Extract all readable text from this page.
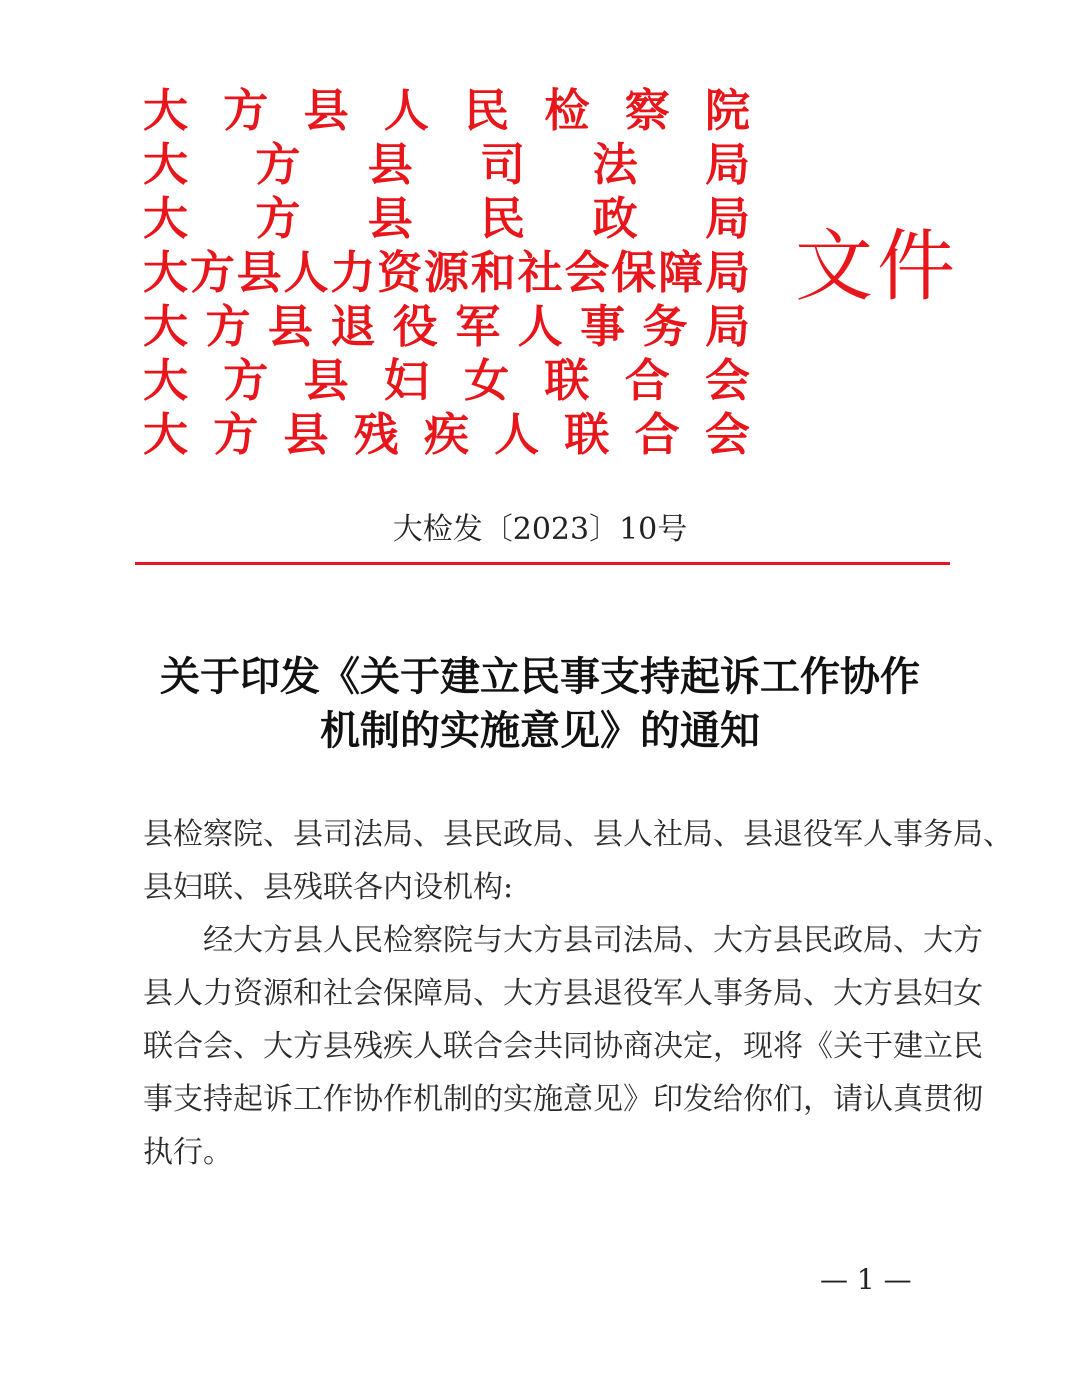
大 方 县 人 民 检 察 院
大 方 县 司 法 局
大 方 县 民 政 局
大 方 县 人 力 资 源 和 社 会 保 障 局
大 方 县 退 役 军 人 事 务 局
大 方 县 妇 女 联 合 会
大 方 县 残 疾 人 联 合 会
文件
大检发〔2023〕10号
关于印发《关于建立民事支持起诉工作协作
机制的实施意见》的通知
县 检 察 院 、 县 司 法 局 、 县 民 政 局 、 县 人 社 局 、 县 退 役 军 人 事 务 局 、
县妇联、县残联各内设机构:
经 大 方 县 人 民 检 察 院 与 大 方 县 司 法 局 、 大 方 县 民 政 局 、 大 方
县 人 力 资 源 和 社 会 保 障 局 、 大 方 县 退 役 军 人 事 务 局 、 大 方 县 妇 女
联 合 会 、 大 方 县 残 疾 人 联 合 会 共 同 协 商 决 定 ， 现 将 《 关 于 建 立 民
事 支 持 起 诉 工 作 协 作 机 制 的 实 施 意 见 》 印 发 给 你 们 ， 请 认 真 贯 彻
执行。
— 1 —
